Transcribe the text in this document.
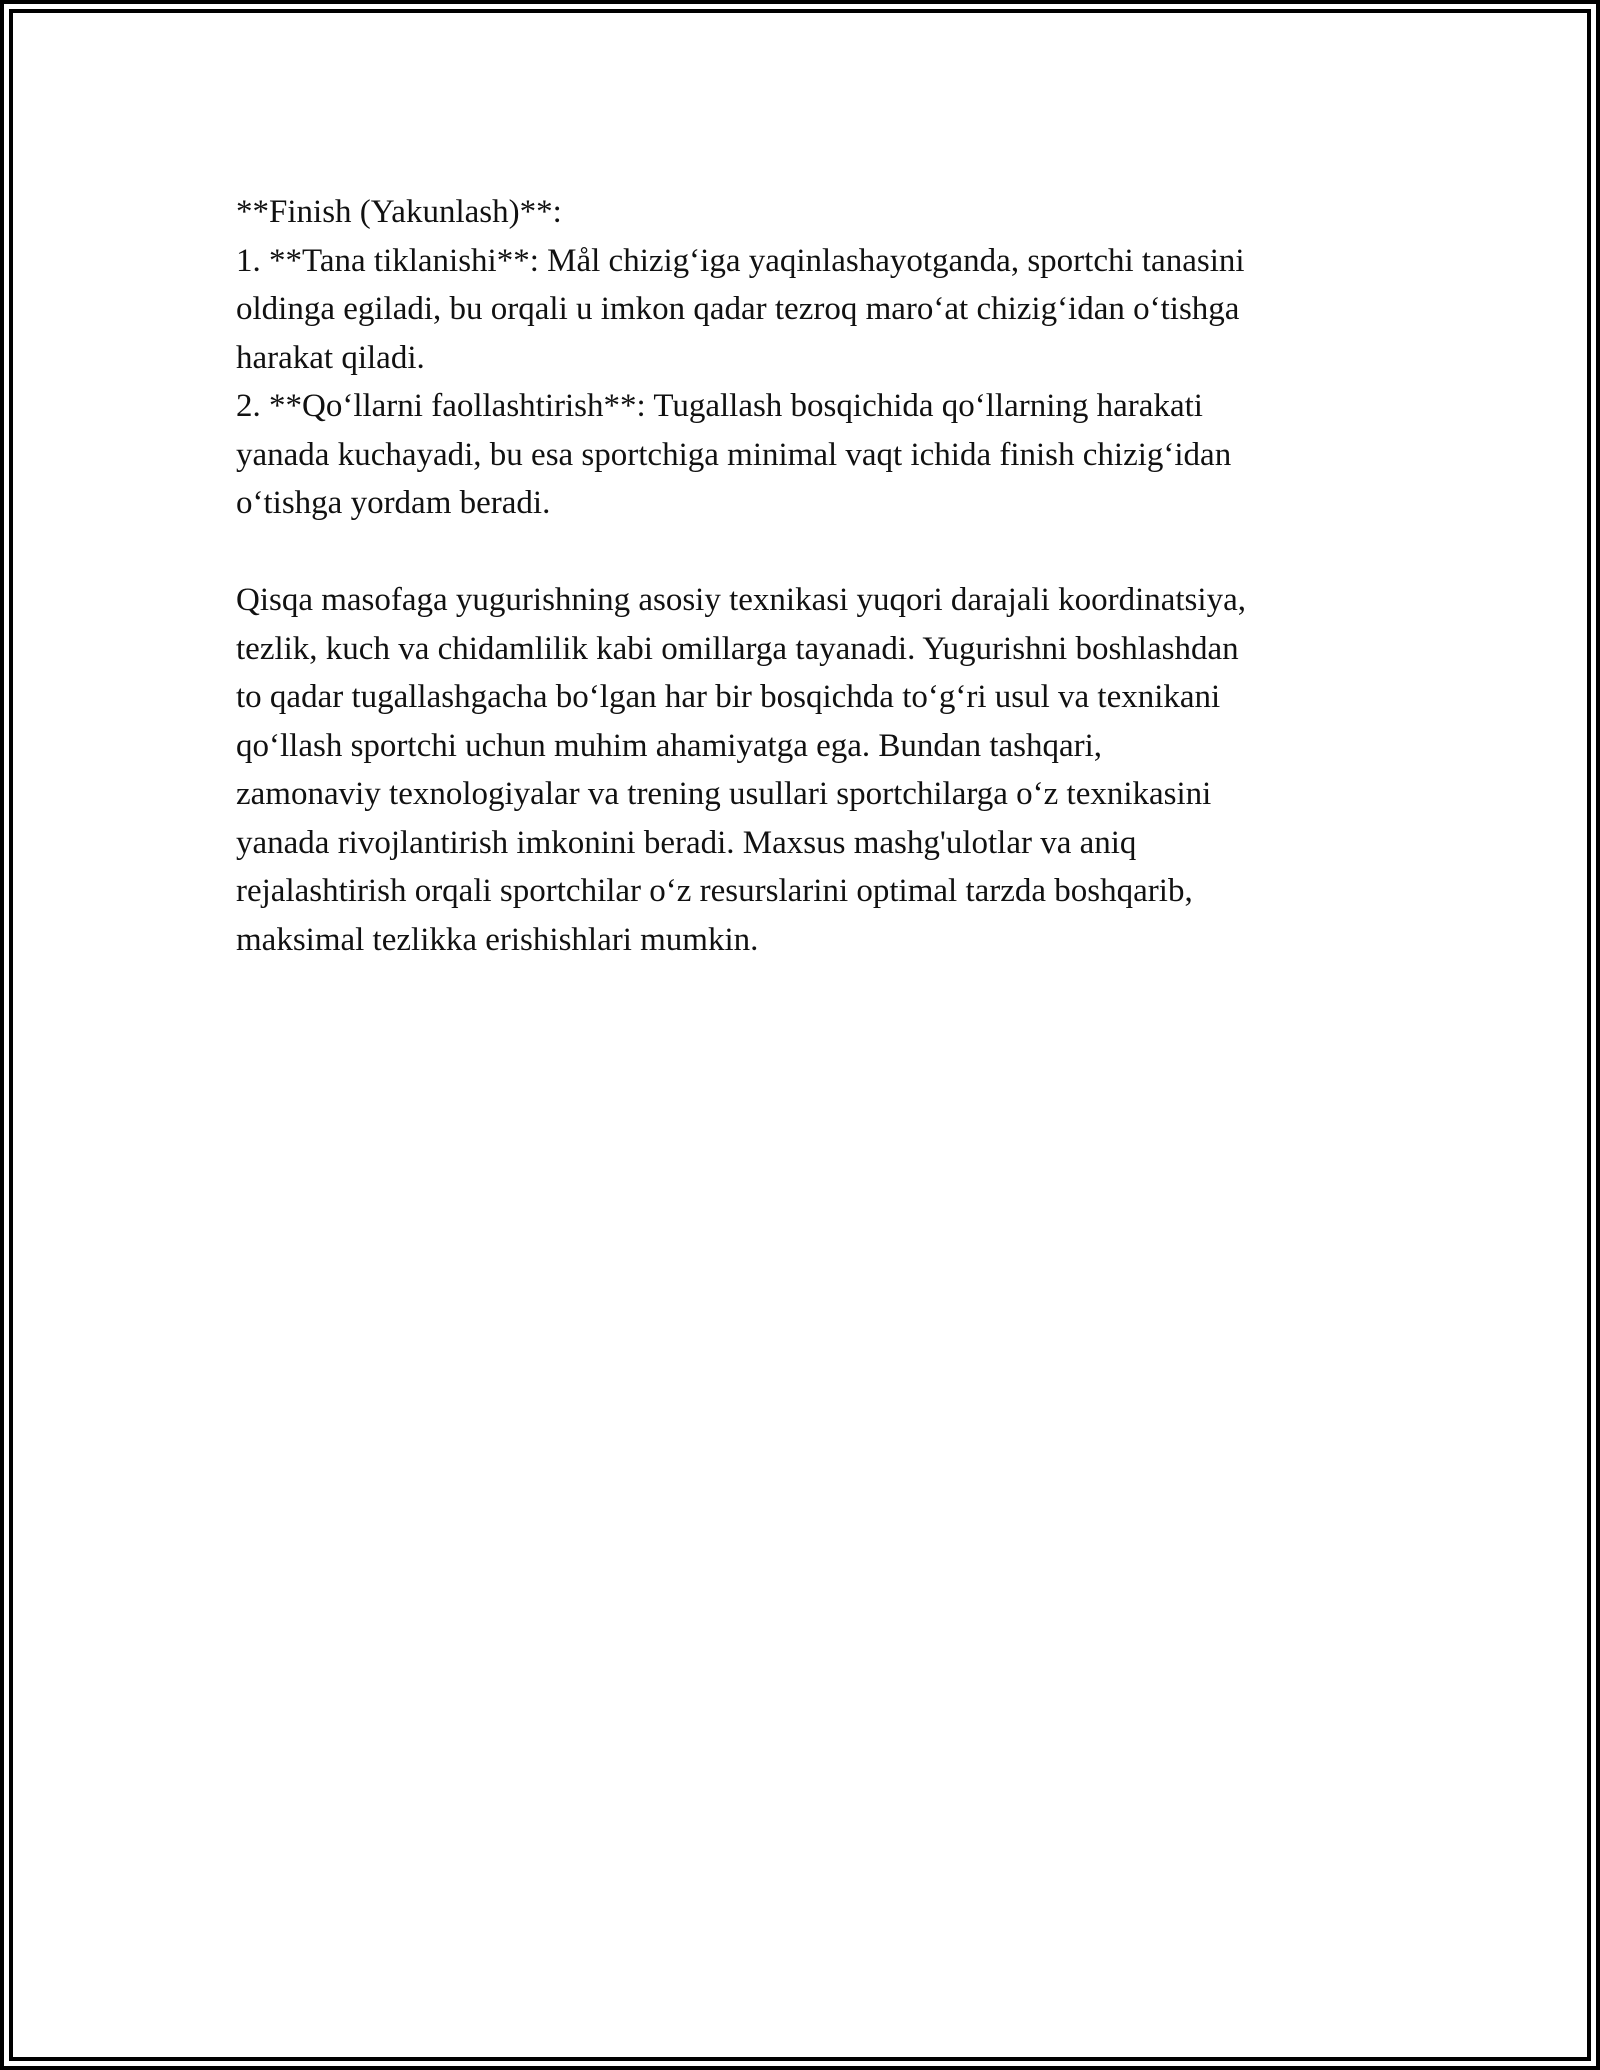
**Finish (Yakunlash)**:
1. **Tana tiklanishi**: Mål chizig‘iga yaqinlashayotganda, sportchi tanasini
oldinga egiladi, bu orqali u imkon qadar tezroq maro‘at chizig‘idan o‘tishga
harakat qiladi.
2. **Qo‘llarni faollashtirish**: Tugallash bosqichida qo‘llarning harakati
yanada kuchayadi, bu esa sportchiga minimal vaqt ichida finish chizig‘idan
o‘tishga yordam beradi.
Qisqa masofaga yugurishning asosiy texnikasi yuqori darajali koordinatsiya,
tezlik, kuch va chidamlilik kabi omillarga tayanadi. Yugurishni boshlashdan
to qadar tugallashgacha bo‘lgan har bir bosqichda to‘g‘ri usul va texnikani
qo‘llash sportchi uchun muhim ahamiyatga ega. Bundan tashqari,
zamonaviy texnologiyalar va trening usullari sportchilarga o‘z texnikasini
yanada rivojlantirish imkonini beradi. Maxsus mashg'ulotlar va aniq
rejalashtirish orqali sportchilar o‘z resurslarini optimal tarzda boshqarib,
maksimal tezlikka erishishlari mumkin.
